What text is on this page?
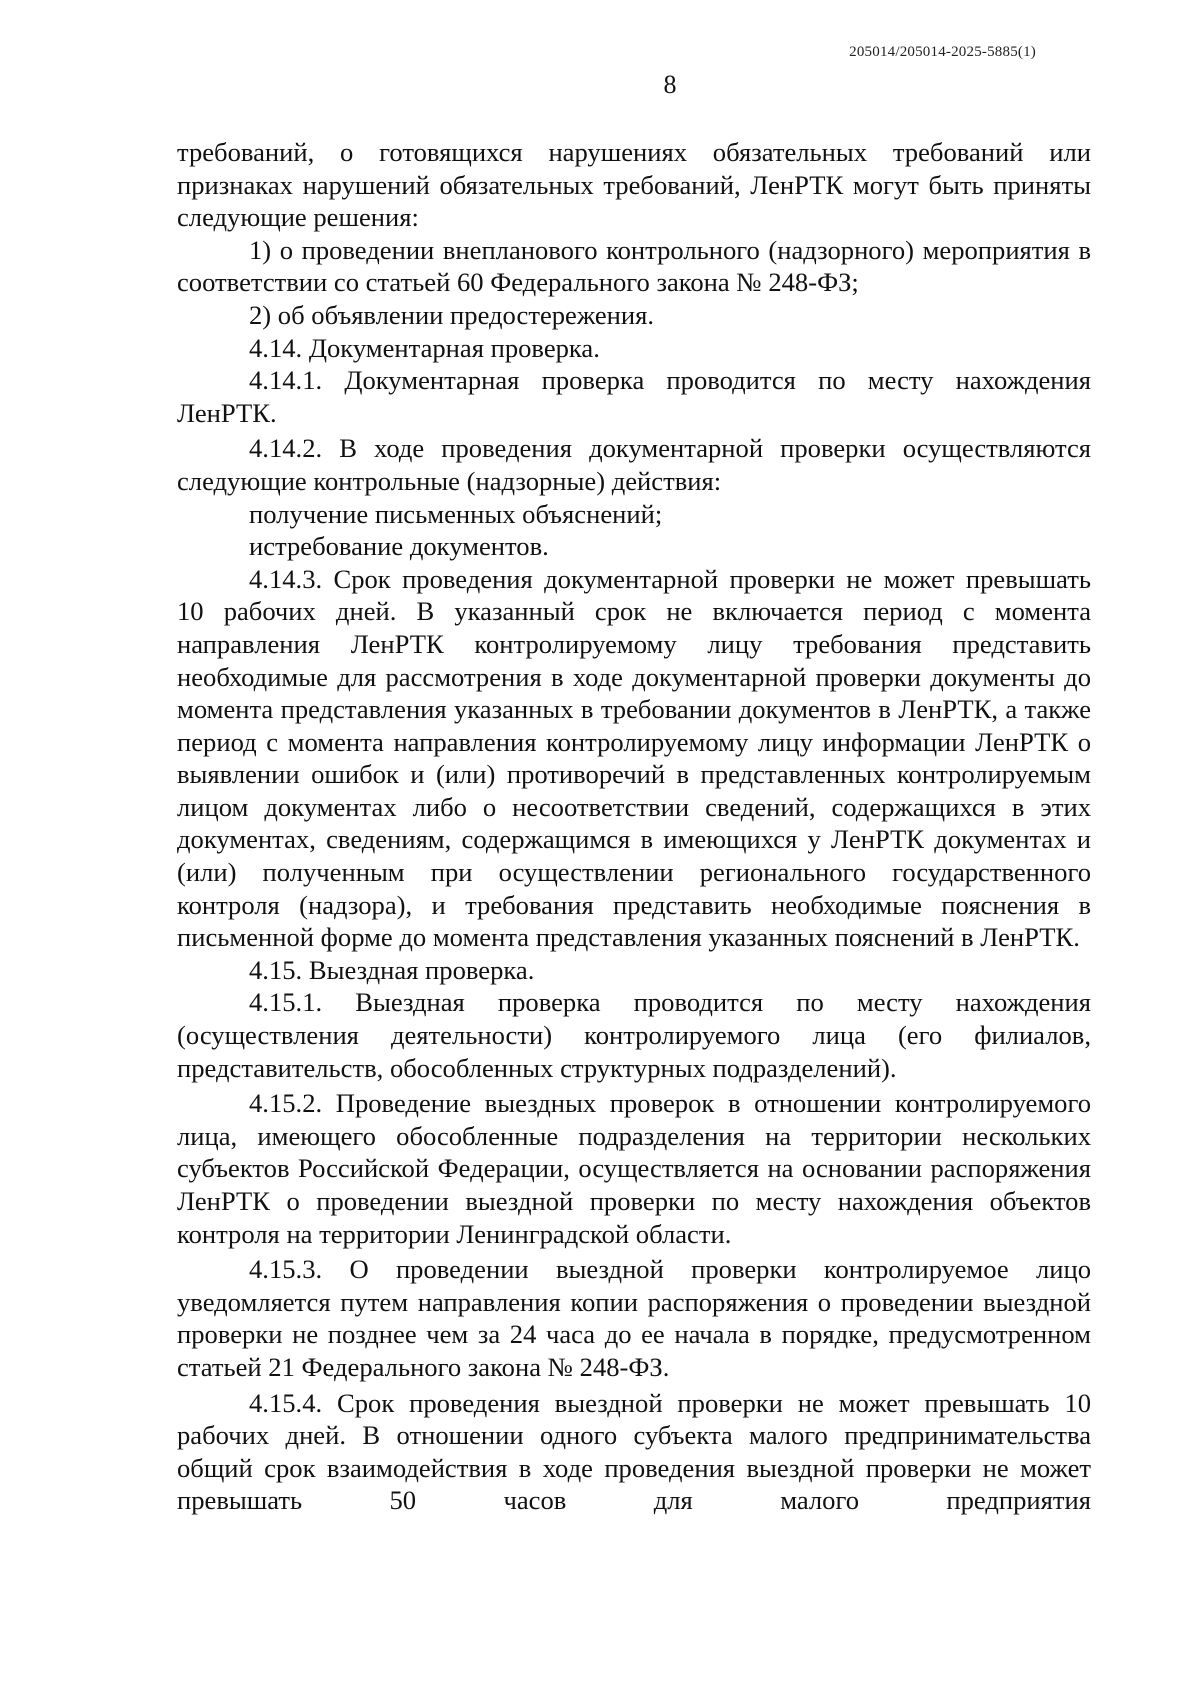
205014/205014-2025-5885(1)
8

требований, о готовящихся нарушениях обязательных требований или признаках нарушений обязательных требований, ЛенРТК могут быть приняты следующие решения:

1) о проведении внепланового контрольного (надзорного) мероприятия в соответствии со статьей 60 Федерального закона № 248-ФЗ;

2) об объявлении предостережения.

4.14. Документарная проверка.

4.14.1. Документарная проверка проводится по месту нахождения ЛенРТК.

4.14.2. В ходе проведения документарной проверки осуществляются следующие контрольные (надзорные) действия:

получение письменных объяснений;

истребование документов.

4.14.3. Срок проведения документарной проверки не может превышать 10 рабочих дней. В указанный срок не включается период с момента направления ЛенРТК контролируемому лицу требования представить необходимые для рассмотрения в ходе документарной проверки документы до момента представления указанных в требовании документов в ЛенРТК, а также период с момента направления контролируемому лицу информации ЛенРТК о выявлении ошибок и (или) противоречий в представленных контролируемым лицом документах либо о несоответствии сведений, содержащихся в этих документах, сведениям, содержащимся в имеющихся у ЛенРТК документах и (или) полученным при осуществлении регионального государственного контроля (надзора), и требования представить необходимые пояснения в письменной форме до момента представления указанных пояснений в ЛенРТК.

4.15. Выездная проверка.

4.15.1. Выездная проверка проводится по месту нахождения (осуществления деятельности) контролируемого лица (его филиалов, представительств, обособленных структурных подразделений).

4.15.2. Проведение выездных проверок в отношении контролируемого лица, имеющего обособленные подразделения на территории нескольких субъектов Российской Федерации, осуществляется на основании распоряжения ЛенРТК о проведении выездной проверки по месту нахождения объектов контроля на территории Ленинградской области.

4.15.3. О проведении выездной проверки контролируемое лицо уведомляется путем направления копии распоряжения о проведении выездной проверки не позднее чем за 24 часа до ее начала в порядке, предусмотренном статьей 21 Федерального закона № 248-ФЗ.

4.15.4. Срок проведения выездной проверки не может превышать 10 рабочих дней. В отношении одного субъекта малого предпринимательства общий срок взаимодействия в ходе проведения выездной проверки не может превышать 50 часов для малого предприятия
